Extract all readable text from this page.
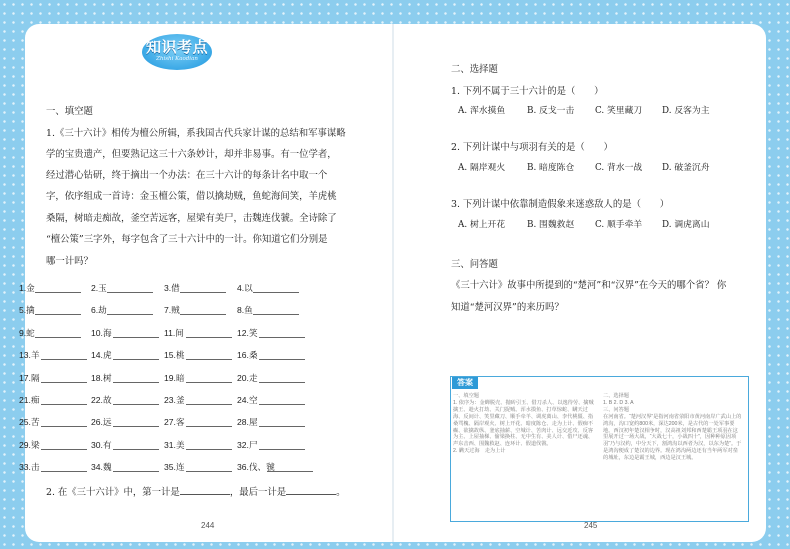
知识考点
Zhishi Kaodian
一、填空题
1.《三十六计》相传为檀公所辑，系我国古代兵家计谋的总结和军事谋略
学的宝贵遗产，但要熟记这三十六条妙计，却并非易事。有一位学者，
经过潜心钻研，终于摘出一个办法：在三十六计的每条计名中取一个
字，依序组成一首诗：金玉檀公策，借以擒劫贼，鱼蛇海间笑，羊虎桃
桑隔，树暗走痴故，釜空苦远客，屋梁有美尸，击魏连伐虢。全诗除了
“檀公策”三字外，每字包含了三十六计中的一计。你知道它们分别是
哪一计吗？
1.金	2.玉	3.借	4.以
5.擒	6.劫	7.贼	8.鱼
9.蛇	10.海	11.间	12.笑
13.羊	14.虎	15.桃	16.桑
17.隔	18.树	19.暗	20.走
21.痴	22.故	23.釜	24.空
25.苦	26.远	27.客	28.屋
29.梁	30.有	31.美	32.尸
33.击	34.魏	35.连	36.伐、虢
2. 在《三十六计》中，第一计是	，最后一计是	。
244
二、选择题
1. 下列不属于三十六计的是（　　）
A. 浑水摸鱼 B. 反戈一击 C. 笑里藏刀 D. 反客为主
2. 下列计谋中与项羽有关的是（　　）
A. 隔岸观火 B. 暗度陈仓 C. 背水一战 D. 破釜沉舟
3. 下列计谋中依靠制造假象来迷惑敌人的是（　　）
A. 树上开花 B. 围魏救赵 C. 顺手牵羊 D. 调虎离山
三、问答题
《三十六计》故事中所提到的“楚河”和“汉界”在今天的哪个省？ 你
知道“楚河汉界”的来历吗？
答案
一、填空题
1. 依序为：金蝉脱壳、抛砖引玉、借刀杀人、以逸待劳、擒贼擒王、趁火打劫、关门捉贼、浑水摸鱼、打草惊蛇、瞒天过海、反间计、笑里藏刀、顺手牵羊、调虎离山、李代桃僵、指桑骂槐、隔岸观火、树上开花、暗度陈仓、走为上计、假痴不癫、欲擒故纵、釜底抽薪、空城计、苦肉计、远交近攻、反客为主、上屋抽梯、偷梁换柱、无中生有、美人计、借尸还魂、声东击西、围魏救赵、连环计、假道伐虢。
2. 瞒天过海　走为上计
二、选择题
1. B 2. D 3. A
三、问答题
在河南省。“楚河汉界”是指河南省荥阳市黄河南岸广武山上的鸿沟，沟口宽约800米，深达200米，是古代的一处军事要地。西汉初年楚汉相争时，汉高祖刘邦和西楚霸王项羽在这里展开过一场大战，“大战七十，小战四十”，因种种原因项羽“乃与汉约，中分天下，割鸿沟以西者为汉，以东为楚”。于是鸿沟便成了楚汉的边界。现在鸿沟两边还有当年两军对垒的城址，东边是霸王城，西边是汉王城。
245
